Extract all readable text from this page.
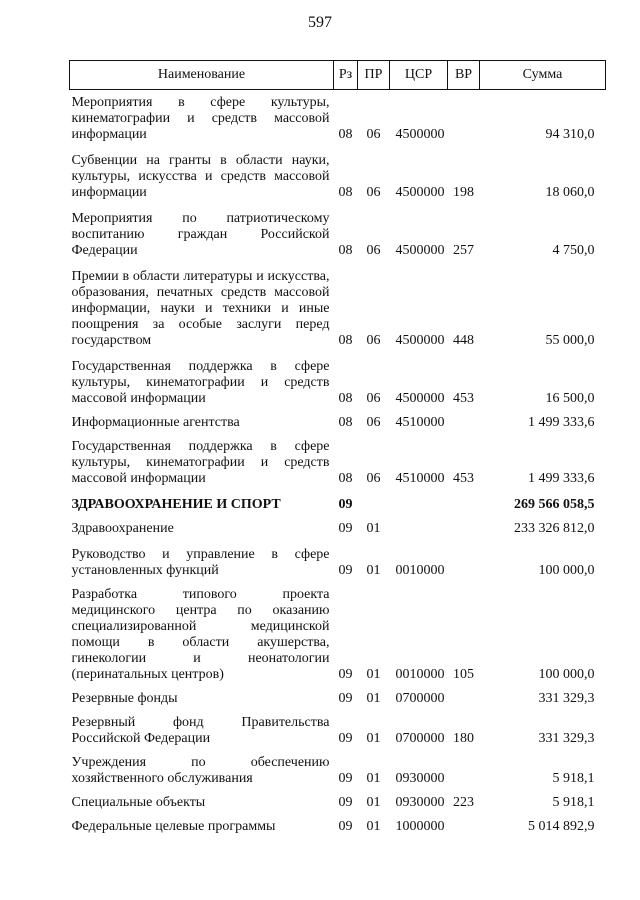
597
Наименование	Рз	ПР	ЦСР	ВР	Сумма
Мероприятия в сфере культуры, кинематографии и средств массовой информации	08	06	4500000		94 310,0
Субвенции на гранты в области науки, культуры, искусства и средств массовой информации	08	06	4500000	198	18 060,0
Мероприятия по патриотическому воспитанию граждан Российской Федерации	08	06	4500000	257	4 750,0
Премии в области литературы и искусства, образования, печатных средств массовой информации, науки и техники и иные поощрения за особые заслуги перед государством	08	06	4500000	448	55 000,0
Государственная поддержка в сфере культуры, кинематографии и средств массовой информации	08	06	4500000	453	16 500,0
Информационные агентства	08	06	4510000		1 499 333,6
Государственная поддержка в сфере культуры, кинематографии и средств массовой информации	08	06	4510000	453	1 499 333,6
ЗДРАВООХРАНЕНИЕ И СПОРТ	09				269 566 058,5
Здравоохранение	09	01			233 326 812,0
Руководство и управление в сфере установленных функций	09	01	0010000		100 000,0
Разработка типового проекта медицинского центра по оказанию специализированной медицинской помощи в области акушерства, гинекологии и неонатологии (перинатальных центров)	09	01	0010000	105	100 000,0
Резервные фонды	09	01	0700000		331 329,3
Резервный фонд Правительства Российской Федерации	09	01	0700000	180	331 329,3
Учреждения по обеспечению хозяйственного обслуживания	09	01	0930000		5 918,1
Специальные объекты	09	01	0930000	223	5 918,1
Федеральные целевые программы	09	01	1000000		5 014 892,9
